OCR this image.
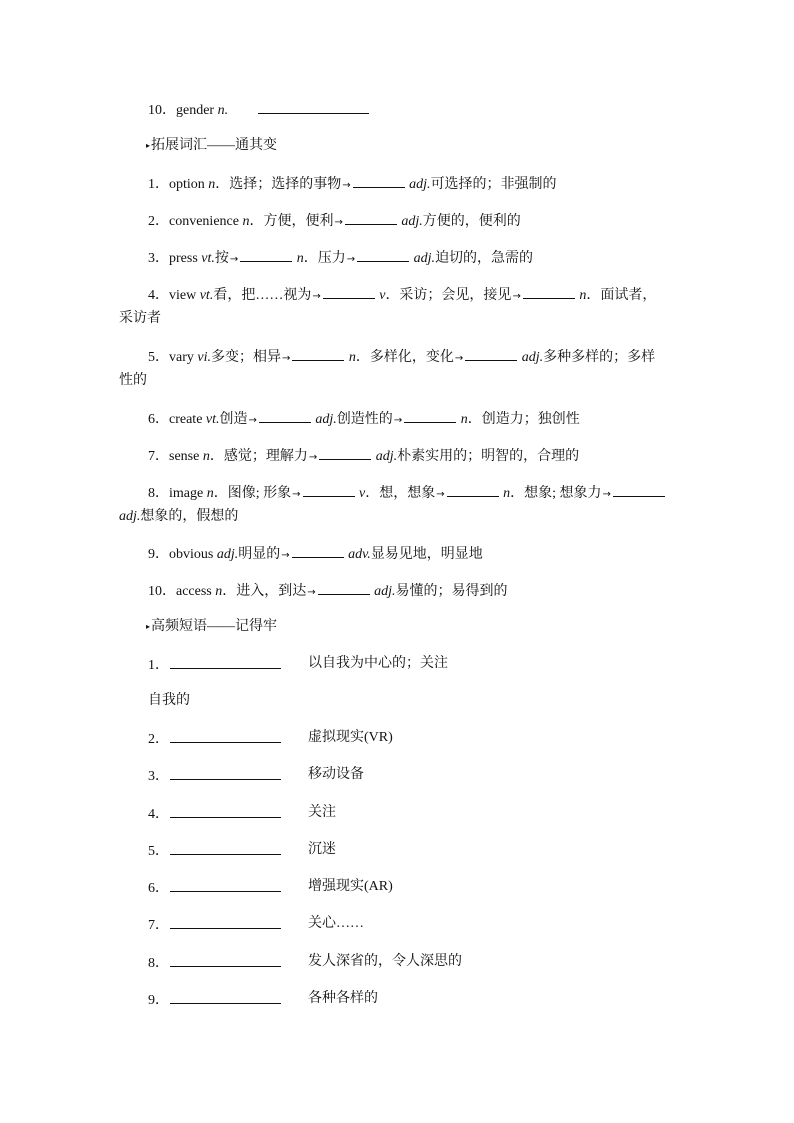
10．gender n.
▸拓展词汇——通其变
1．option n．选择；选择的事物→	adj.可选择的；非强制的
2．convenience n．方便，便利→	adj.方便的，便利的
3．press vt.按→	n．压力→	adj.迫切的，急需的
4．view vt.看，把……视为→	v．采访；会见，接见→	n．面试者，
采访者
5．vary vi.多变；相异→	n．多样化，变化→	adj.多种多样的；多样
性的
6．create vt.创造→	adj.创造性的→	n．创造力；独创性
7．sense n．感觉；理解力→	adj.朴素实用的；明智的，合理的
8．image n．图像; 形象→	v．想，想象→	n．想象; 想象力→
adj.想象的，假想的
9．obvious adj.明显的→	adv.显易见地，明显地
10．access n．进入，到达→	adj.易懂的；易得到的
▸高频短语——记得牢
1．	以自我为中心的；关注
自我的
2．	虚拟现实(VR)
3．	移动设备
4．	关注
5．	沉迷
6．	增强现实(AR)
7．	关心……
8．	发人深省的，令人深思的
9．	各种各样的
